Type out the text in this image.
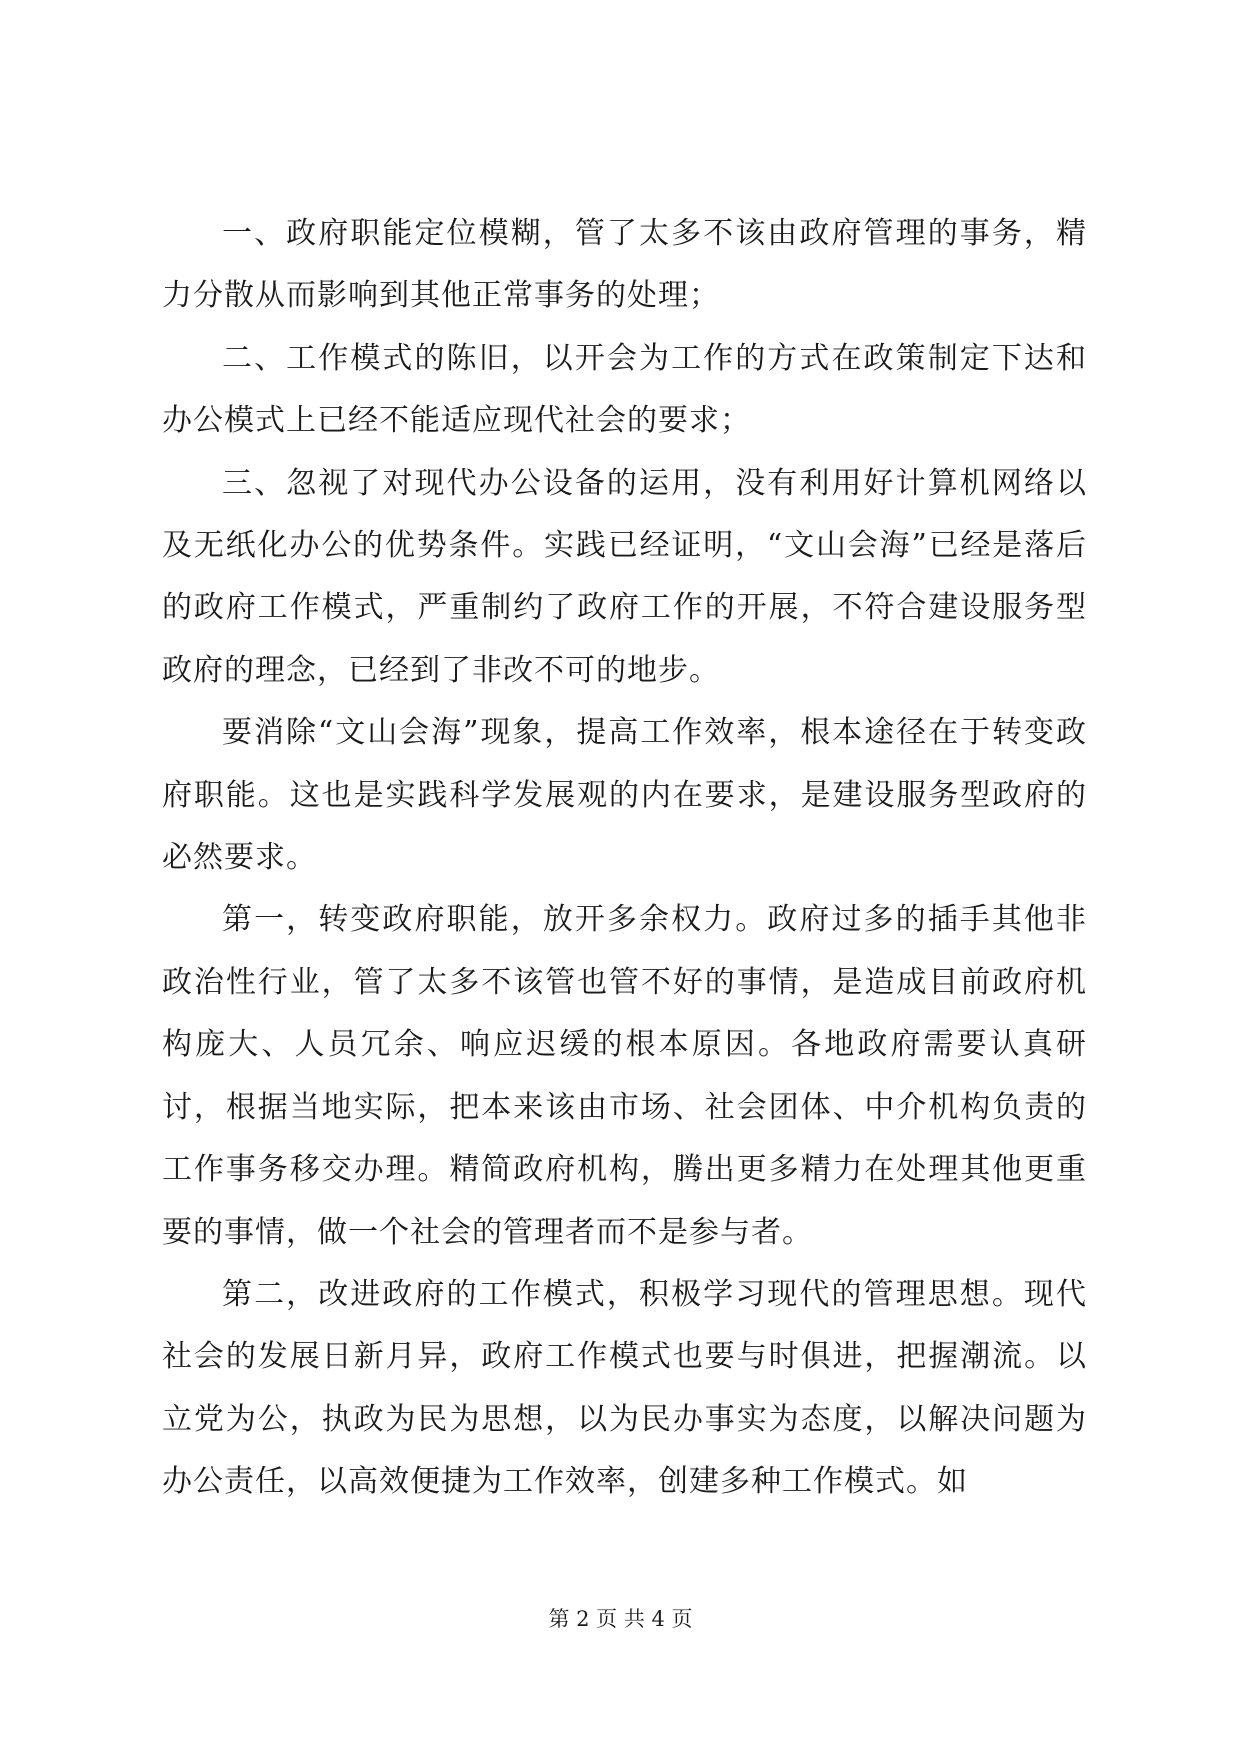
一、政府职能定位模糊，管了太多不该由政府管理的事务，精力分散从而影响到其他正常事务的处理；

二、工作模式的陈旧，以开会为工作的方式在政策制定下达和办公模式上已经不能适应现代社会的要求；

三、忽视了对现代办公设备的运用，没有利用好计算机网络以及无纸化办公的优势条件。实践已经证明，“文山会海”已经是落后的政府工作模式，严重制约了政府工作的开展，不符合建设服务型政府的理念，已经到了非改不可的地步。

要消除“文山会海”现象，提高工作效率，根本途径在于转变政府职能。这也是实践科学发展观的内在要求，是建设服务型政府的必然要求。

第一，转变政府职能，放开多余权力。政府过多的插手其他非政治性行业，管了太多不该管也管不好的事情，是造成目前政府机构庞大、人员冗余、响应迟缓的根本原因。各地政府需要认真研讨，根据当地实际，把本来该由市场、社会团体、中介机构负责的工作事务移交办理。精简政府机构，腾出更多精力在处理其他更重要的事情，做一个社会的管理者而不是参与者。

第二，改进政府的工作模式，积极学习现代的管理思想。现代社会的发展日新月异，政府工作模式也要与时俱进，把握潮流。以立党为公，执政为民为思想，以为民办事实为态度，以解决问题为办公责任，以高效便捷为工作效率，创建多种工作模式。如

第 2 页 共 4 页
